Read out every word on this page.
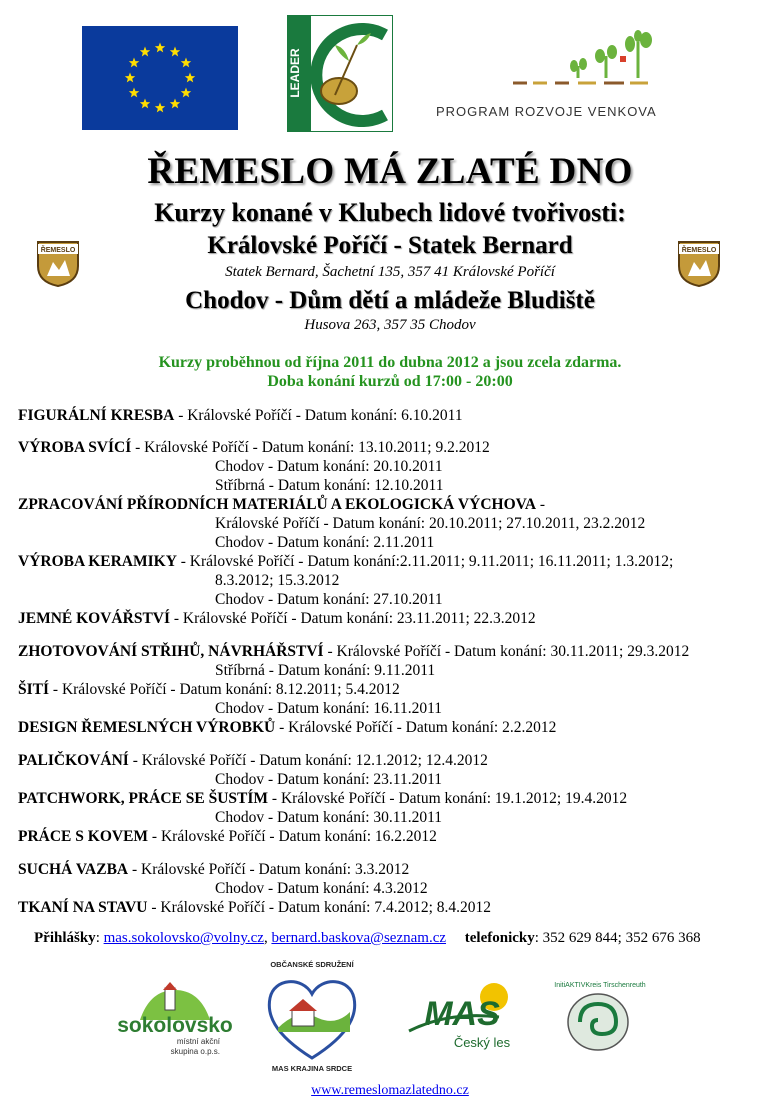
LEADER
PROGRAM ROZVOJE VENKOVA
ŘEMESLO	ŘEMESLO
ŘEMESLO MÁ ZLATÉ DNO
Kurzy konané v Klubech lidové tvořivosti:
Královské Poříčí - Statek Bernard
Statek Bernard, Šachetní 135, 357 41 Královské Poříčí
Chodov - Dům dětí a mládeže Bludiště
Husova 263, 357 35 Chodov
Kurzy proběhnou od října 2011 do dubna 2012 a jsou zcela zdarma.
Doba konání kurzů od 17:00 - 20:00
FIGURÁLNÍ KRESBA - Královské Poříčí - Datum konání: 6.10.2011
VÝROBA SVÍCÍ - Královské Poříčí - Datum konání: 13.10.2011; 9.2.2012
Chodov - Datum konání: 20.10.2011
Stříbrná - Datum konání: 12.10.2011
ZPRACOVÁNÍ PŘÍRODNÍCH MATERIÁLŮ A EKOLOGICKÁ VÝCHOVA -
Královské Poříčí - Datum konání: 20.10.2011; 27.10.2011, 23.2.2012
Chodov - Datum konání: 2.11.2011
VÝROBA KERAMIKY - Královské Poříčí - Datum konání:2.11.2011; 9.11.2011; 16.11.2011; 1.3.2012;
8.3.2012; 15.3.2012
Chodov - Datum konání: 27.10.2011
JEMNÉ KOVÁŘSTVÍ - Královské Poříčí - Datum konání: 23.11.2011; 22.3.2012
ZHOTOVOVÁNÍ STŘIHŮ, NÁVRHÁŘSTVÍ - Královské Poříčí - Datum konání: 30.11.2011; 29.3.2012
Stříbrná - Datum konání: 9.11.2011
ŠITÍ - Královské Poříčí - Datum konání: 8.12.2011; 5.4.2012
Chodov - Datum konání: 16.11.2011
DESIGN ŘEMESLNÝCH VÝROBKŮ - Královské Poříčí - Datum konání: 2.2.2012
PALIČKOVÁNÍ - Královské Poříčí - Datum konání: 12.1.2012; 12.4.2012
Chodov - Datum konání: 23.11.2011
PATCHWORK, PRÁCE SE ŠUSTÍM - Královské Poříčí - Datum konání: 19.1.2012; 19.4.2012
Chodov - Datum konání: 30.11.2011
PRÁCE S KOVEM - Královské Poříčí - Datum konání: 16.2.2012
SUCHÁ VAZBA - Královské Poříčí - Datum konání: 3.3.2012
Chodov - Datum konání: 4.3.2012
TKANÍ NA STAVU - Královské Poříčí - Datum konání: 7.4.2012; 8.4.2012
Přihlášky: mas.sokolovsko@volny.cz, bernard.baskova@seznam.cz telefonicky: 352 629 844; 352 676 368
sokolovsko
místní akční
skupina o.p.s.
OBČANSKÉ SDRUŽENÍ
MAS KRAJINA SRDCE
MAS
Český les
InitiAKTIVKreis Tirschenreuth
www.remeslomazlatedno.cz
